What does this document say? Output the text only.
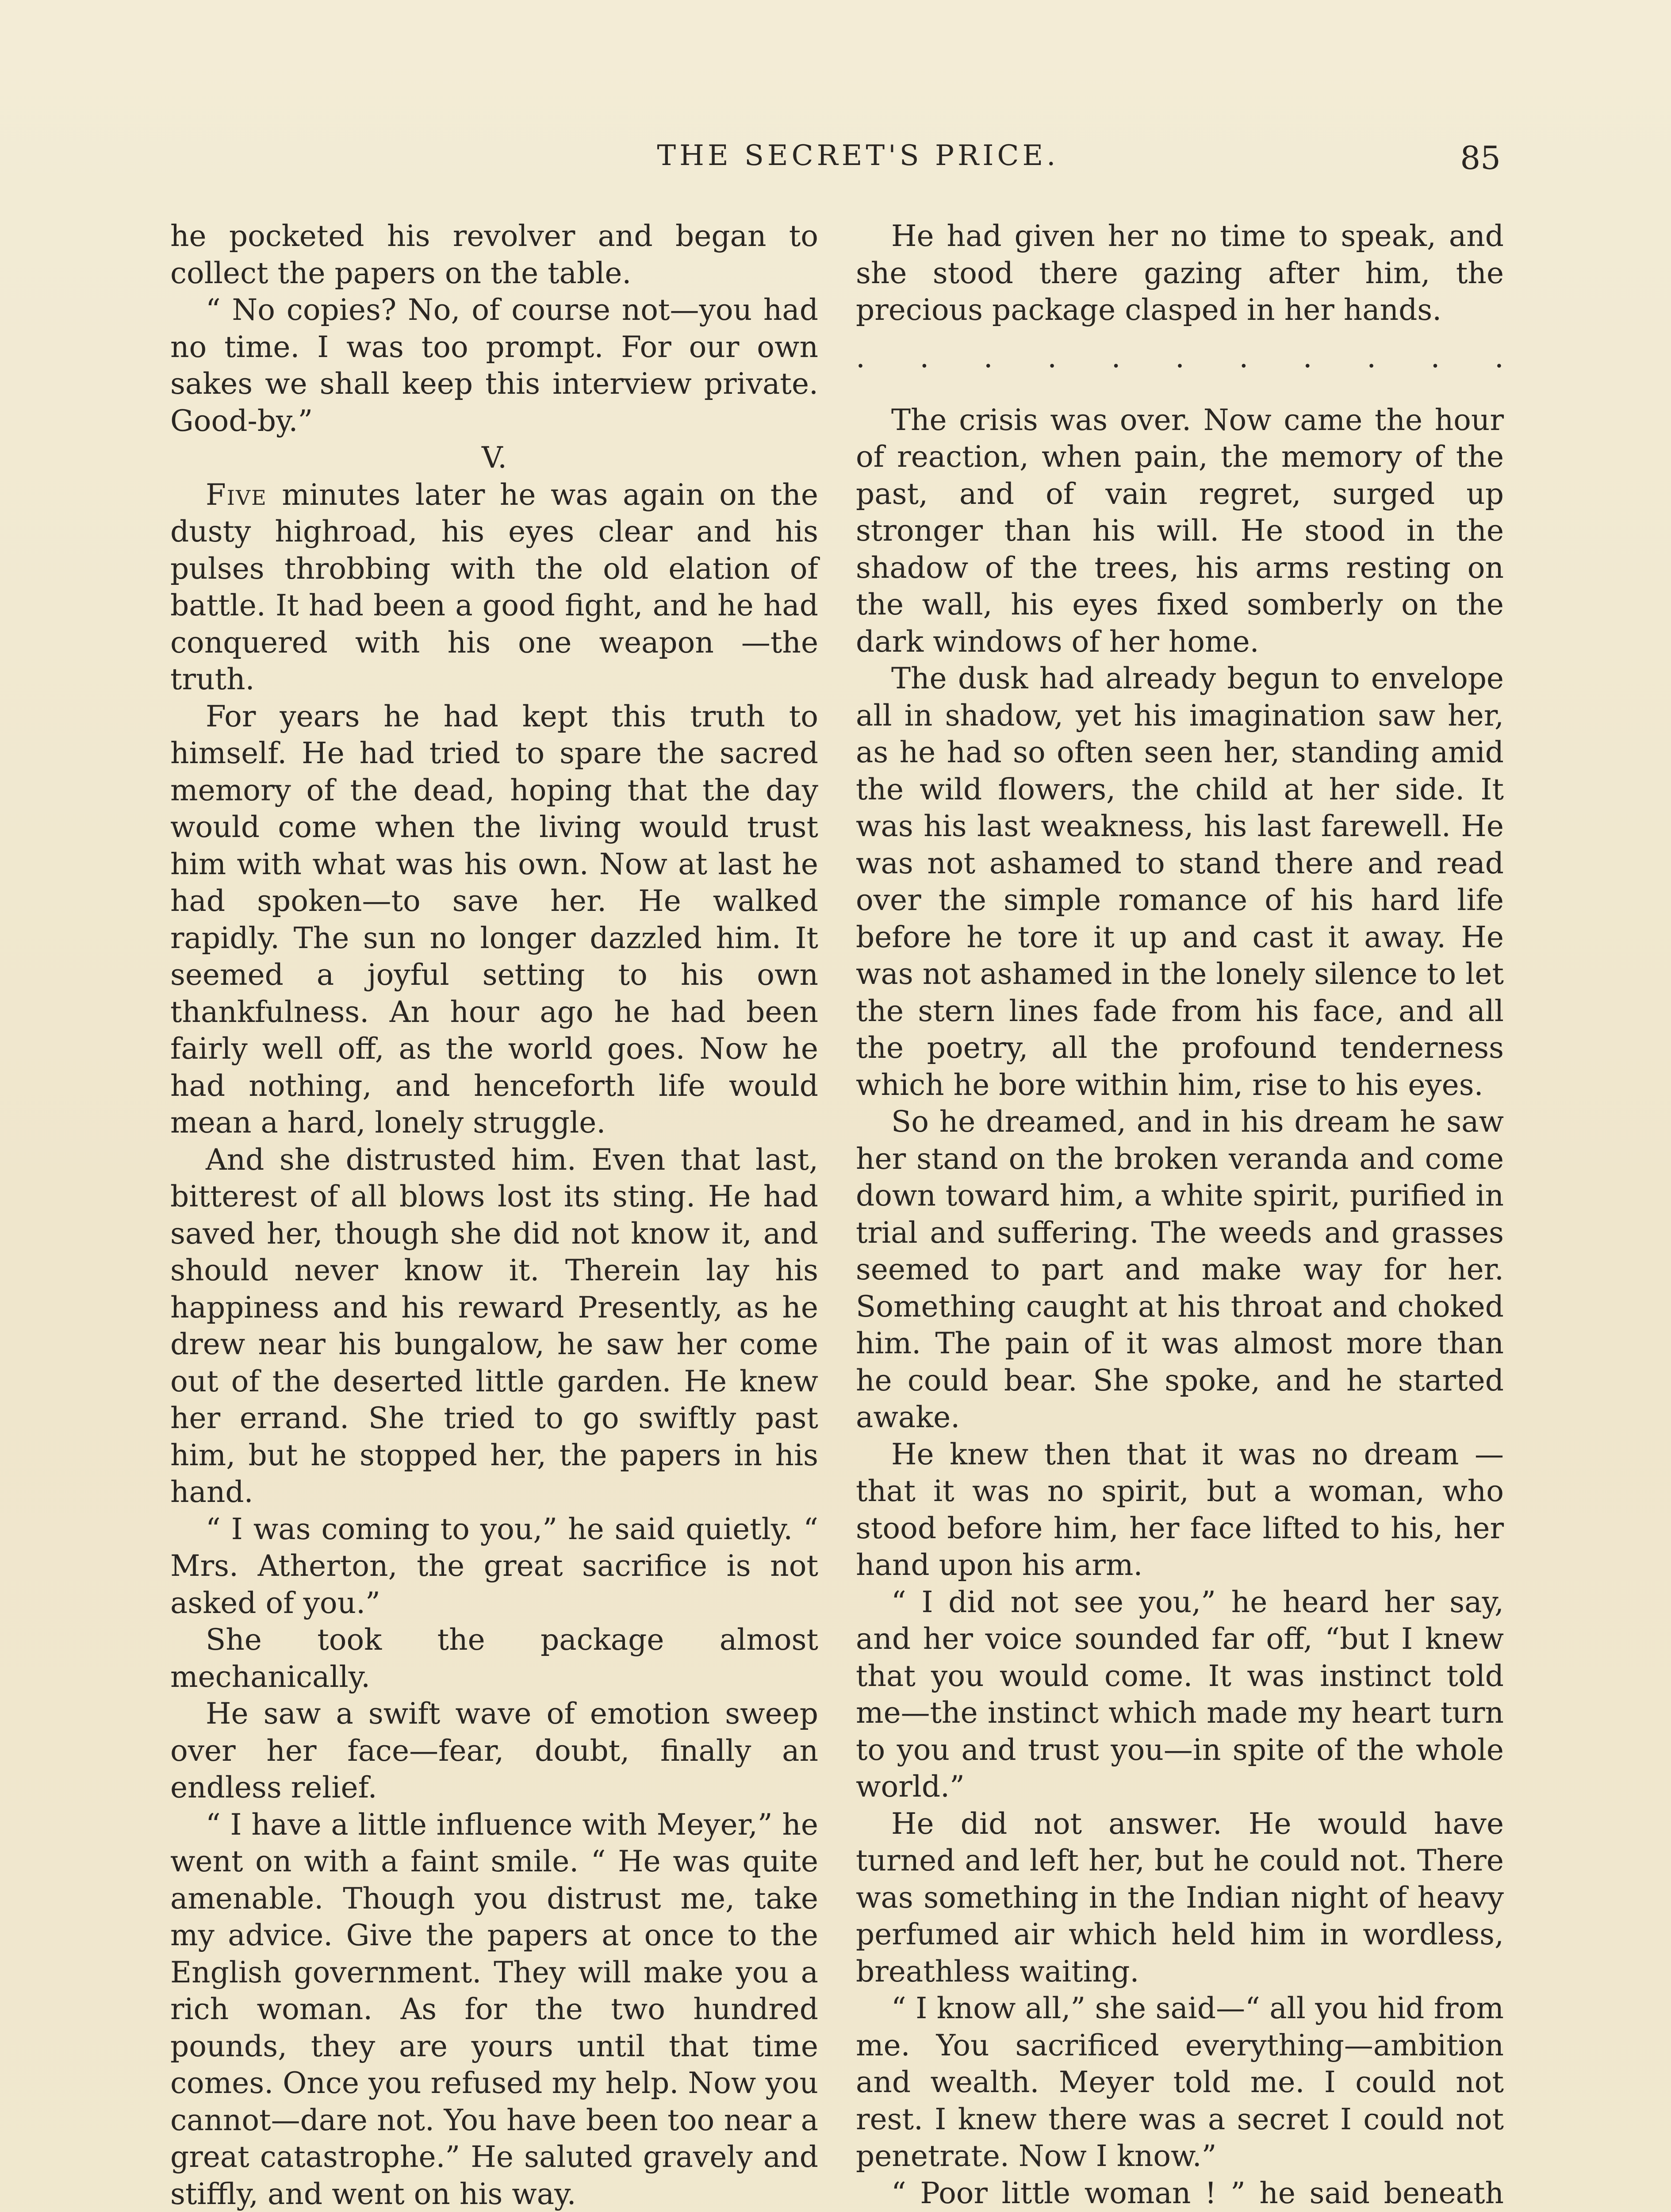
THE SECRET'S PRICE.	85

he pocketed his revolver and began to collect the papers on the table.

“ No copies? No, of course not—you had no time. I was too prompt. For our own sakes we shall keep this interview private. Good-by.”

V.

Five minutes later he was again on the dusty highroad, his eyes clear and his pulses throbbing with the old elation of battle. It had been a good fight, and he had conquered with his one weapon —the truth.

For years he had kept this truth to himself. He had tried to spare the sacred memory of the dead, hoping that the day would come when the living would trust him with what was his own. Now at last he had spoken—to save her. He walked rapidly. The sun no longer dazzled him. It seemed a joyful setting to his own thankfulness. An hour ago he had been fairly well off, as the world goes. Now he had nothing, and henceforth life would mean a hard, lonely struggle.

And she distrusted him. Even that last, bitterest of all blows lost its sting. He had saved her, though she did not know it, and should never know it. Therein lay his happiness and his reward Presently, as he drew near his bungalow, he saw her come out of the deserted little garden. He knew her errand. She tried to go swiftly past him, but he stopped her, the papers in his hand.

“ I was coming to you,” he said quietly. “ Mrs. Atherton, the great sacrifice is not asked of you.”

She took the package almost mechanically.

He saw a swift wave of emotion sweep over her face—fear, doubt, finally an endless relief.

“ I have a little influence with Meyer,” he went on with a faint smile. “ He was quite amenable. Though you distrust me, take my advice. Give the papers at once to the English government. They will make you a rich woman. As for the two hundred pounds, they are yours until that time comes. Once you refused my help. Now you cannot—dare not. You have been too near a great catastrophe.” He saluted gravely and stiffly, and went on his way.

He had given her no time to speak, and she stood there gazing after him, the precious package clasped in her hands.

. . . . . . . . . . .

The crisis was over. Now came the hour of reaction, when pain, the memory of the past, and of vain regret, surged up stronger than his will. He stood in the shadow of the trees, his arms resting on the wall, his eyes fixed somberly on the dark windows of her home.

The dusk had already begun to envelope all in shadow, yet his imagination saw her, as he had so often seen her, standing amid the wild flowers, the child at her side. It was his last weakness, his last farewell. He was not ashamed to stand there and read over the simple romance of his hard life before he tore it up and cast it away. He was not ashamed in the lonely silence to let the stern lines fade from his face, and all the poetry, all the profound tenderness which he bore within him, rise to his eyes.

So he dreamed, and in his dream he saw her stand on the broken veranda and come down toward him, a white spirit, purified in trial and suffering. The weeds and grasses seemed to part and make way for her. Something caught at his throat and choked him. The pain of it was almost more than he could bear. She spoke, and he started awake.

He knew then that it was no dream —that it was no spirit, but a woman, who stood before him, her face lifted to his, her hand upon his arm.

“ I did not see you,” he heard her say, and her voice sounded far off, “but I knew that you would come. It was instinct told me—the instinct which made my heart turn to you and trust you—in spite of the whole world.”

He did not answer. He would have turned and left her, but he could not. There was something in the Indian night of heavy perfumed air which held him in wordless, breathless waiting.

“ I know all,” she said—“ all you hid from me. You sacrificed everything—ambition and wealth. Meyer told me. I could not rest. I knew there was a secret I could not penetrate. Now I know.”

“ Poor little woman ! ” he said beneath
